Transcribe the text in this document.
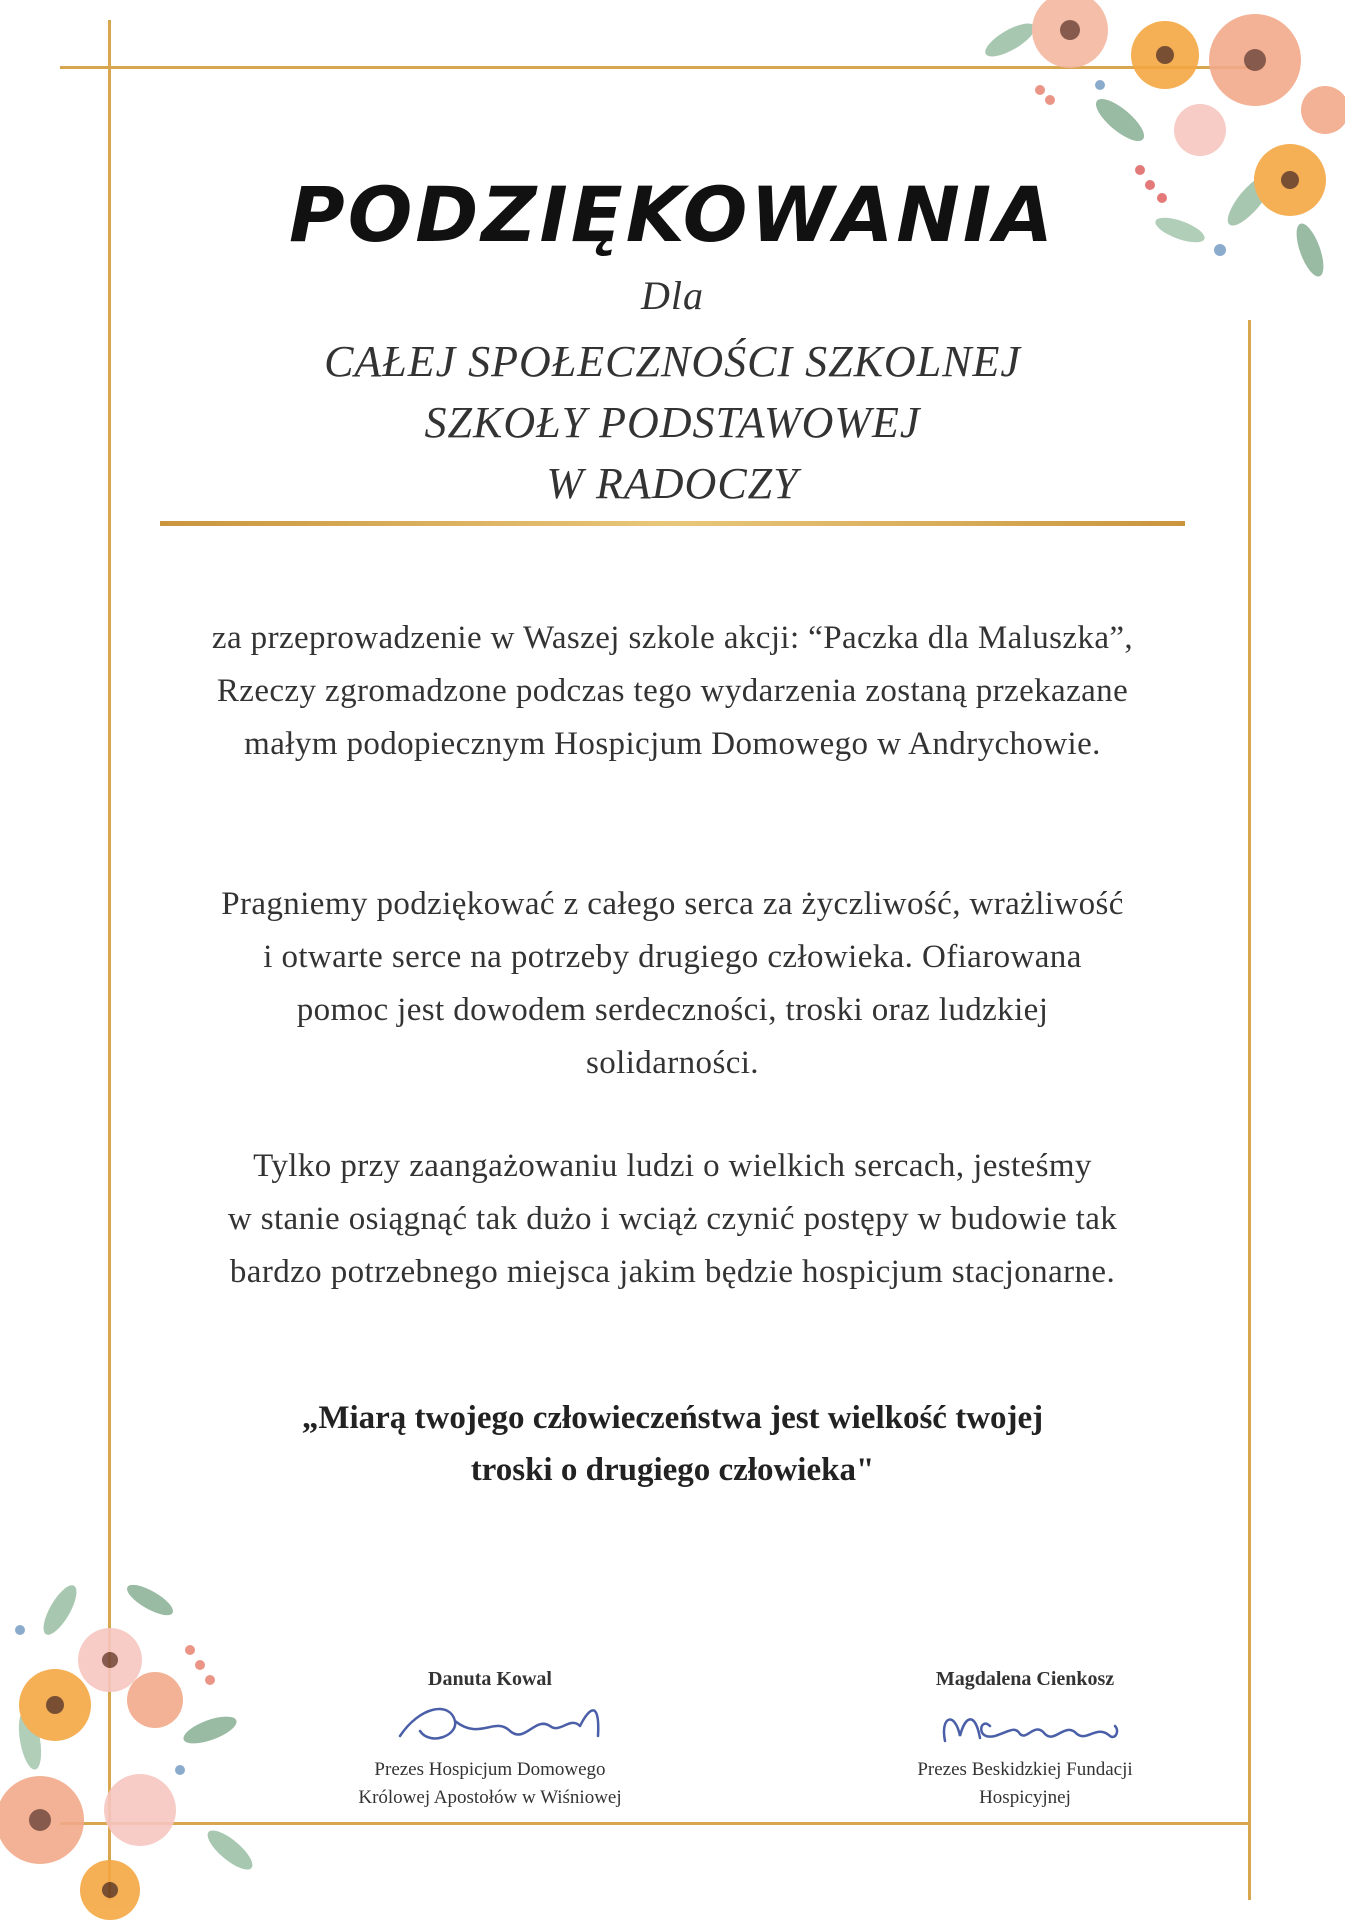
PODZIĘKOWANIA
Dla
CAŁEJ SPOŁECZNOŚCI SZKOLNEJ
SZKOŁY PODSTAWOWEJ
W RADOCZY
za przeprowadzenie w Waszej szkole akcji: “Paczka dla Maluszka”,
Rzeczy zgromadzone podczas tego wydarzenia zostaną przekazane
małym podopiecznym Hospicjum Domowego w Andrychowie.
Pragniemy podziękować z całego serca za życzliwość, wrażliwość
i otwarte serce na potrzeby drugiego człowieka. Ofiarowana
pomoc jest dowodem serdeczności, troski oraz ludzkiej
solidarności.
Tylko przy zaangażowaniu ludzi o wielkich sercach, jesteśmy
w stanie osiągnąć tak dużo i wciąż czynić postępy w budowie tak
bardzo potrzebnego miejsca jakim będzie hospicjum stacjonarne.
„Miarą twojego człowieczeństwa jest wielkość twojej
troski o drugiego człowieka"
Danuta Kowal
Prezes Hospicjum Domowego
Królowej Apostołów w Wiśniowej
Magdalena Cienkosz
Prezes Beskidzkiej Fundacji
Hospicyjnej
